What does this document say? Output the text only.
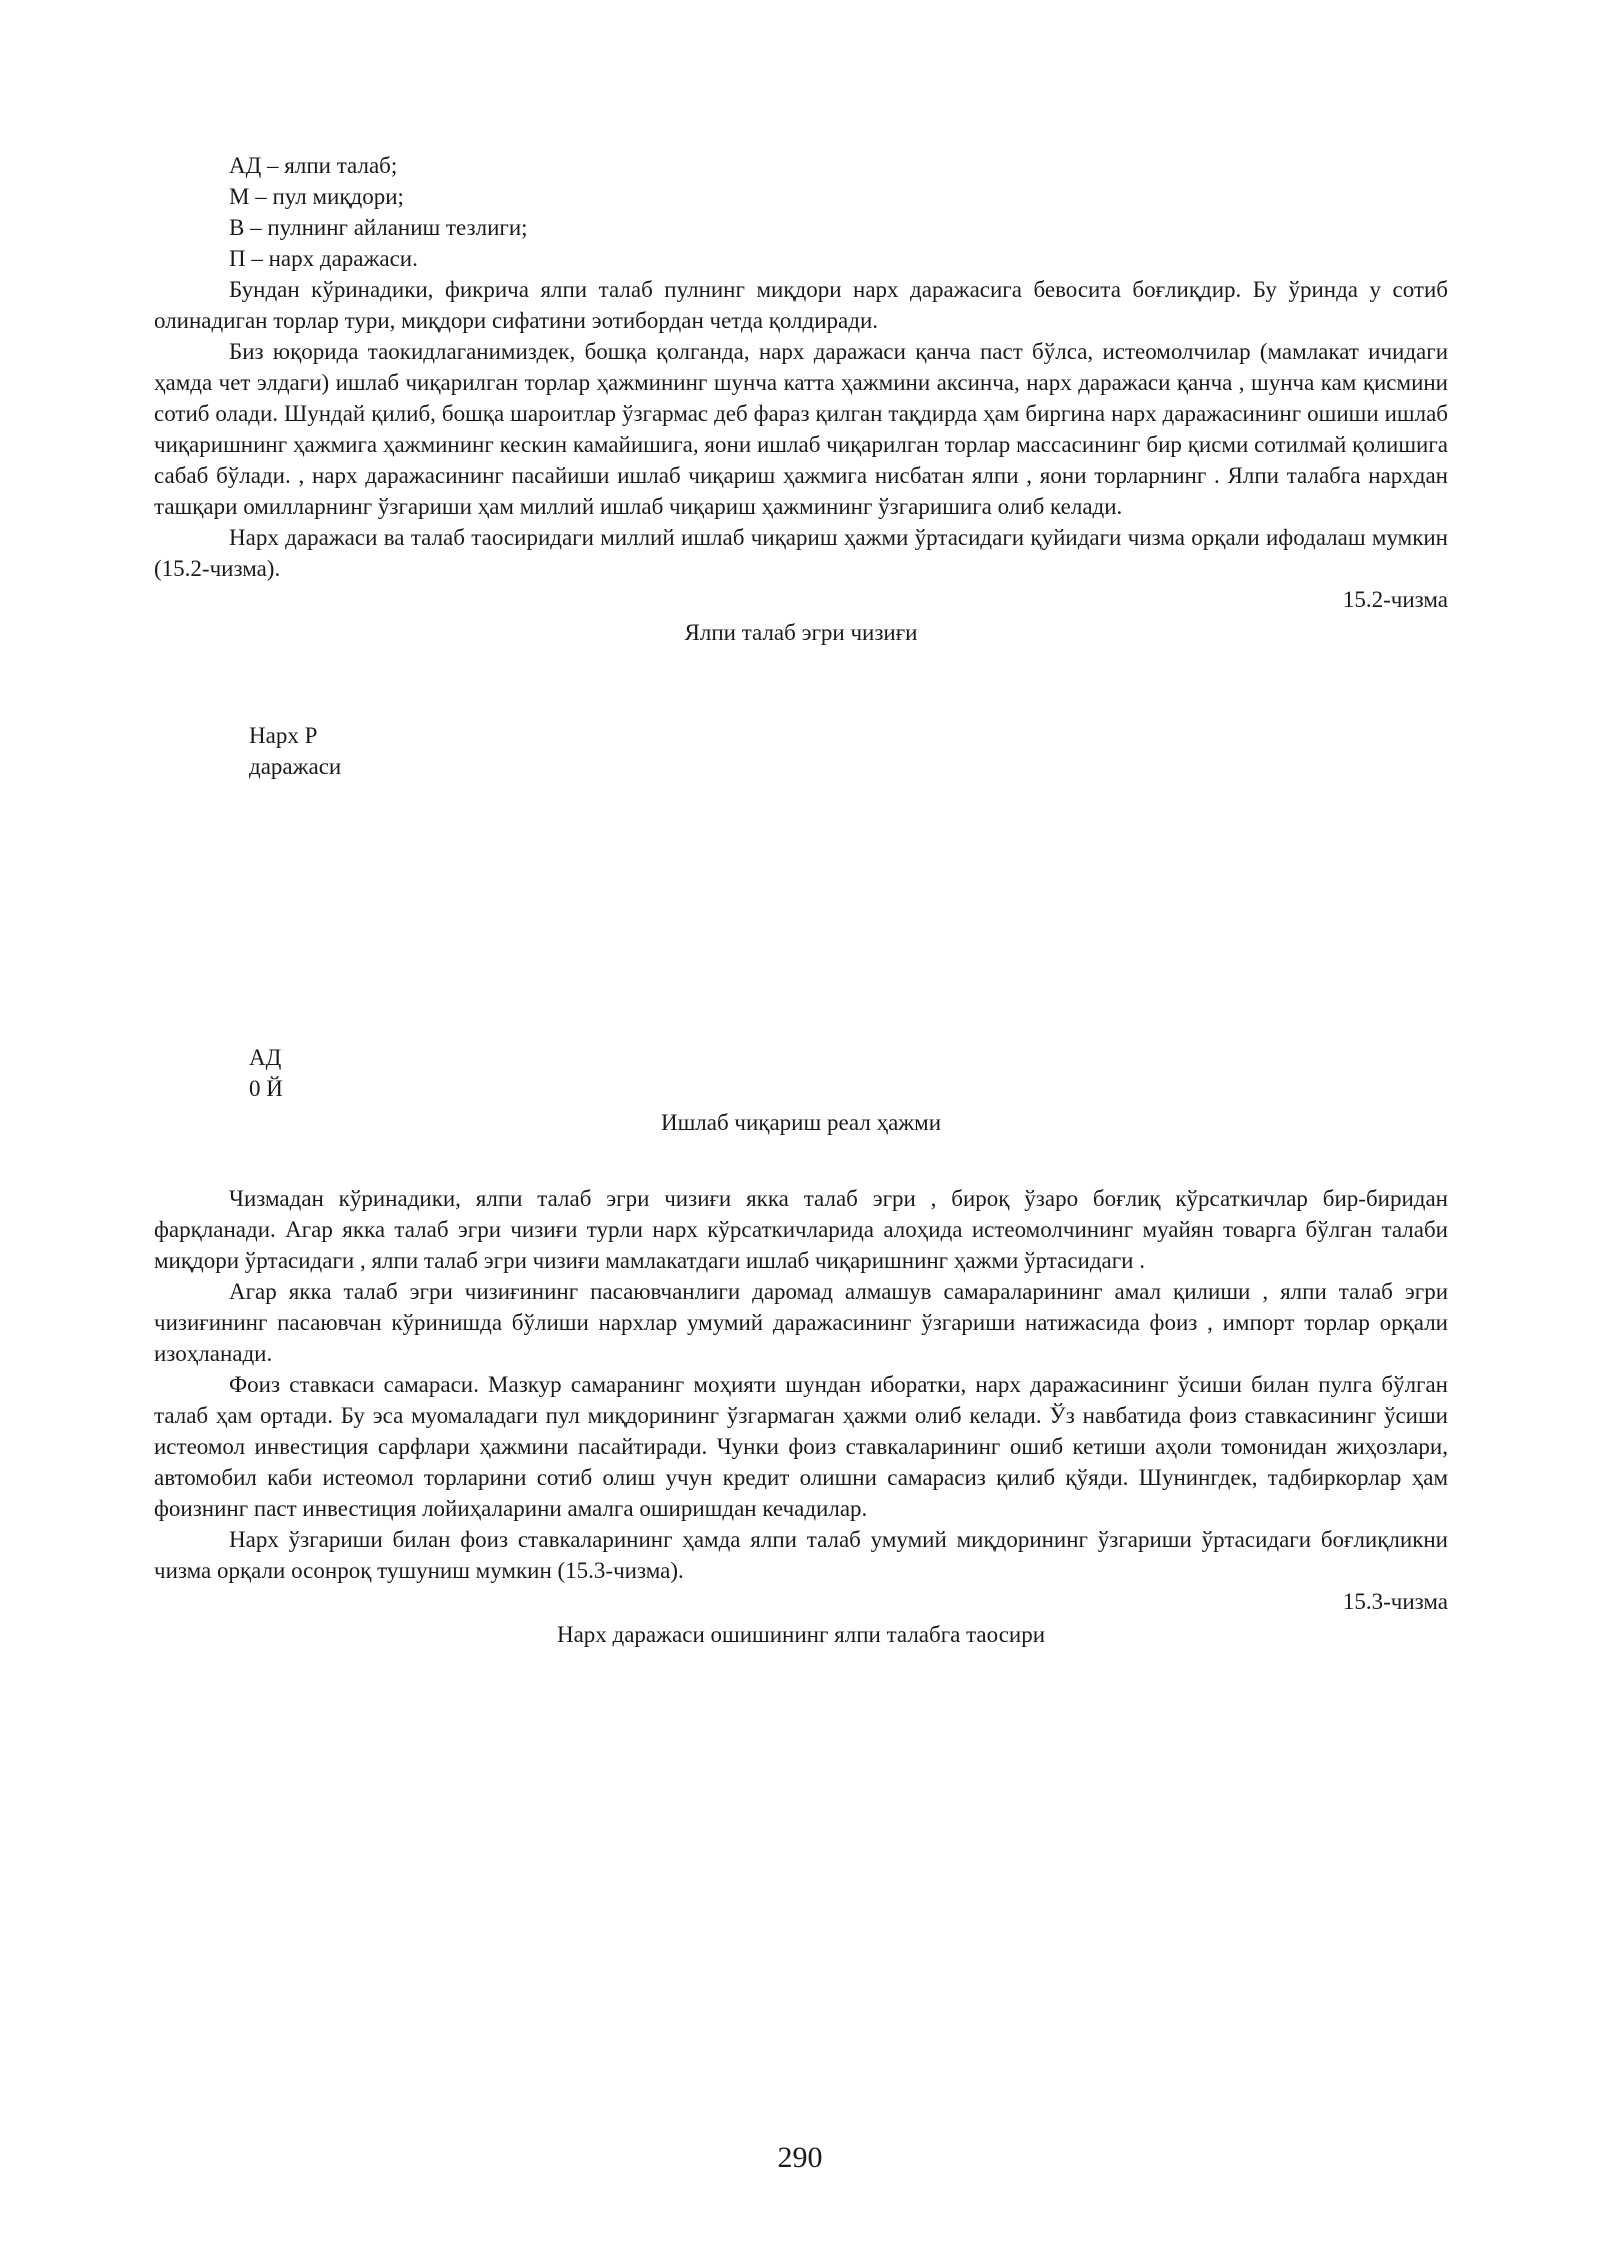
АД – ялпи талаб;

М – пул миқдори;

В – пулнинг айланиш тезлиги;

П – нарх даражаси.

Бундан кўринадики, фикрича ялпи талаб пулнинг миқдори нарх даражасига бевосита боғлиқдир. Бу ўринда у сотиб олинадиган торлар тури, миқдори сифатини эотибордан четда қолдиради.

Биз юқорида таокидлаганимиздек, бошқа қолганда, нарх даражаси қанча паст бўлса, истеомолчилар (мамлакат ичидаги ҳамда чет элдаги) ишлаб чиқарилган торлар ҳажмининг шунча катта ҳажмини аксинча, нарх даражаси қанча , шунча кам қисмини сотиб олади. Шундай қилиб, бошқа шароитлар ўзгармас деб фараз қилган тақдирда ҳам биргина нарх даражасининг ошиши ишлаб чиқаришнинг ҳажмига ҳажмининг кескин камайишига, яони ишлаб чиқарилган торлар массасининг бир қисми сотилмай қолишига сабаб бўлади. , нарх даражасининг пасайиши ишлаб чиқариш ҳажмига нисбатан ялпи , яони торларнинг . Ялпи талабга нархдан ташқари омилларнинг ўзгариши ҳам миллий ишлаб чиқариш ҳажмининг ўзгаришига олиб келади.

Нарх даражаси ва талаб таосиридаги миллий ишлаб чиқариш ҳажми ўртасидаги қуйидаги чизма орқали ифодалаш мумкин (15.2-чизма).

15.2-чизма

Ялпи талаб эгри чизиғи

Нарх Р
даражаси
АД
0 Й

Ишлаб чиқариш реал ҳажми

Чизмадан кўринадики, ялпи талаб эгри чизиғи якка талаб эгри , бироқ ўзаро боғлиқ кўрсаткичлар бир-биридан фарқланади. Агар якка талаб эгри чизиғи турли нарх кўрсаткичларида алоҳида истеомолчининг муайян товарга бўлган талаби миқдори ўртасидаги , ялпи талаб эгри чизиғи мамлакатдаги ишлаб чиқаришнинг ҳажми ўртасидаги .

Агар якка талаб эгри чизиғининг пасаювчанлиги даромад алмашув самараларининг амал қилиши , ялпи талаб эгри чизиғининг пасаювчан кўринишда бўлиши нархлар умумий даражасининг ўзгариши натижасида фоиз , импорт торлар орқали изоҳланади.

Фоиз ставкаси самараси. Мазкур самаранинг моҳияти шундан иборатки, нарх даражасининг ўсиши билан пулга бўлган талаб ҳам ортади. Бу эса муомаладаги пул миқдорининг ўзгармаган ҳажми олиб келади. Ўз навбатида фоиз ставкасининг ўсиши истеомол инвестиция сарфлари ҳажмини пасайтиради. Чунки фоиз ставкаларининг ошиб кетиши аҳоли томонидан жиҳозлари, автомобил каби истеомол торларини сотиб олиш учун кредит олишни самарасиз қилиб қўяди. Шунингдек, тадбиркорлар ҳам фоизнинг паст инвестиция лойиҳаларини амалга оширишдан кечадилар.

Нарх ўзгариши билан фоиз ставкаларининг ҳамда ялпи талаб умумий миқдорининг ўзгариши ўртасидаги боғлиқликни чизма орқали осонроқ тушуниш мумкин (15.3-чизма).

15.3-чизма

Нарх даражаси ошишининг ялпи талабга таосири

290
